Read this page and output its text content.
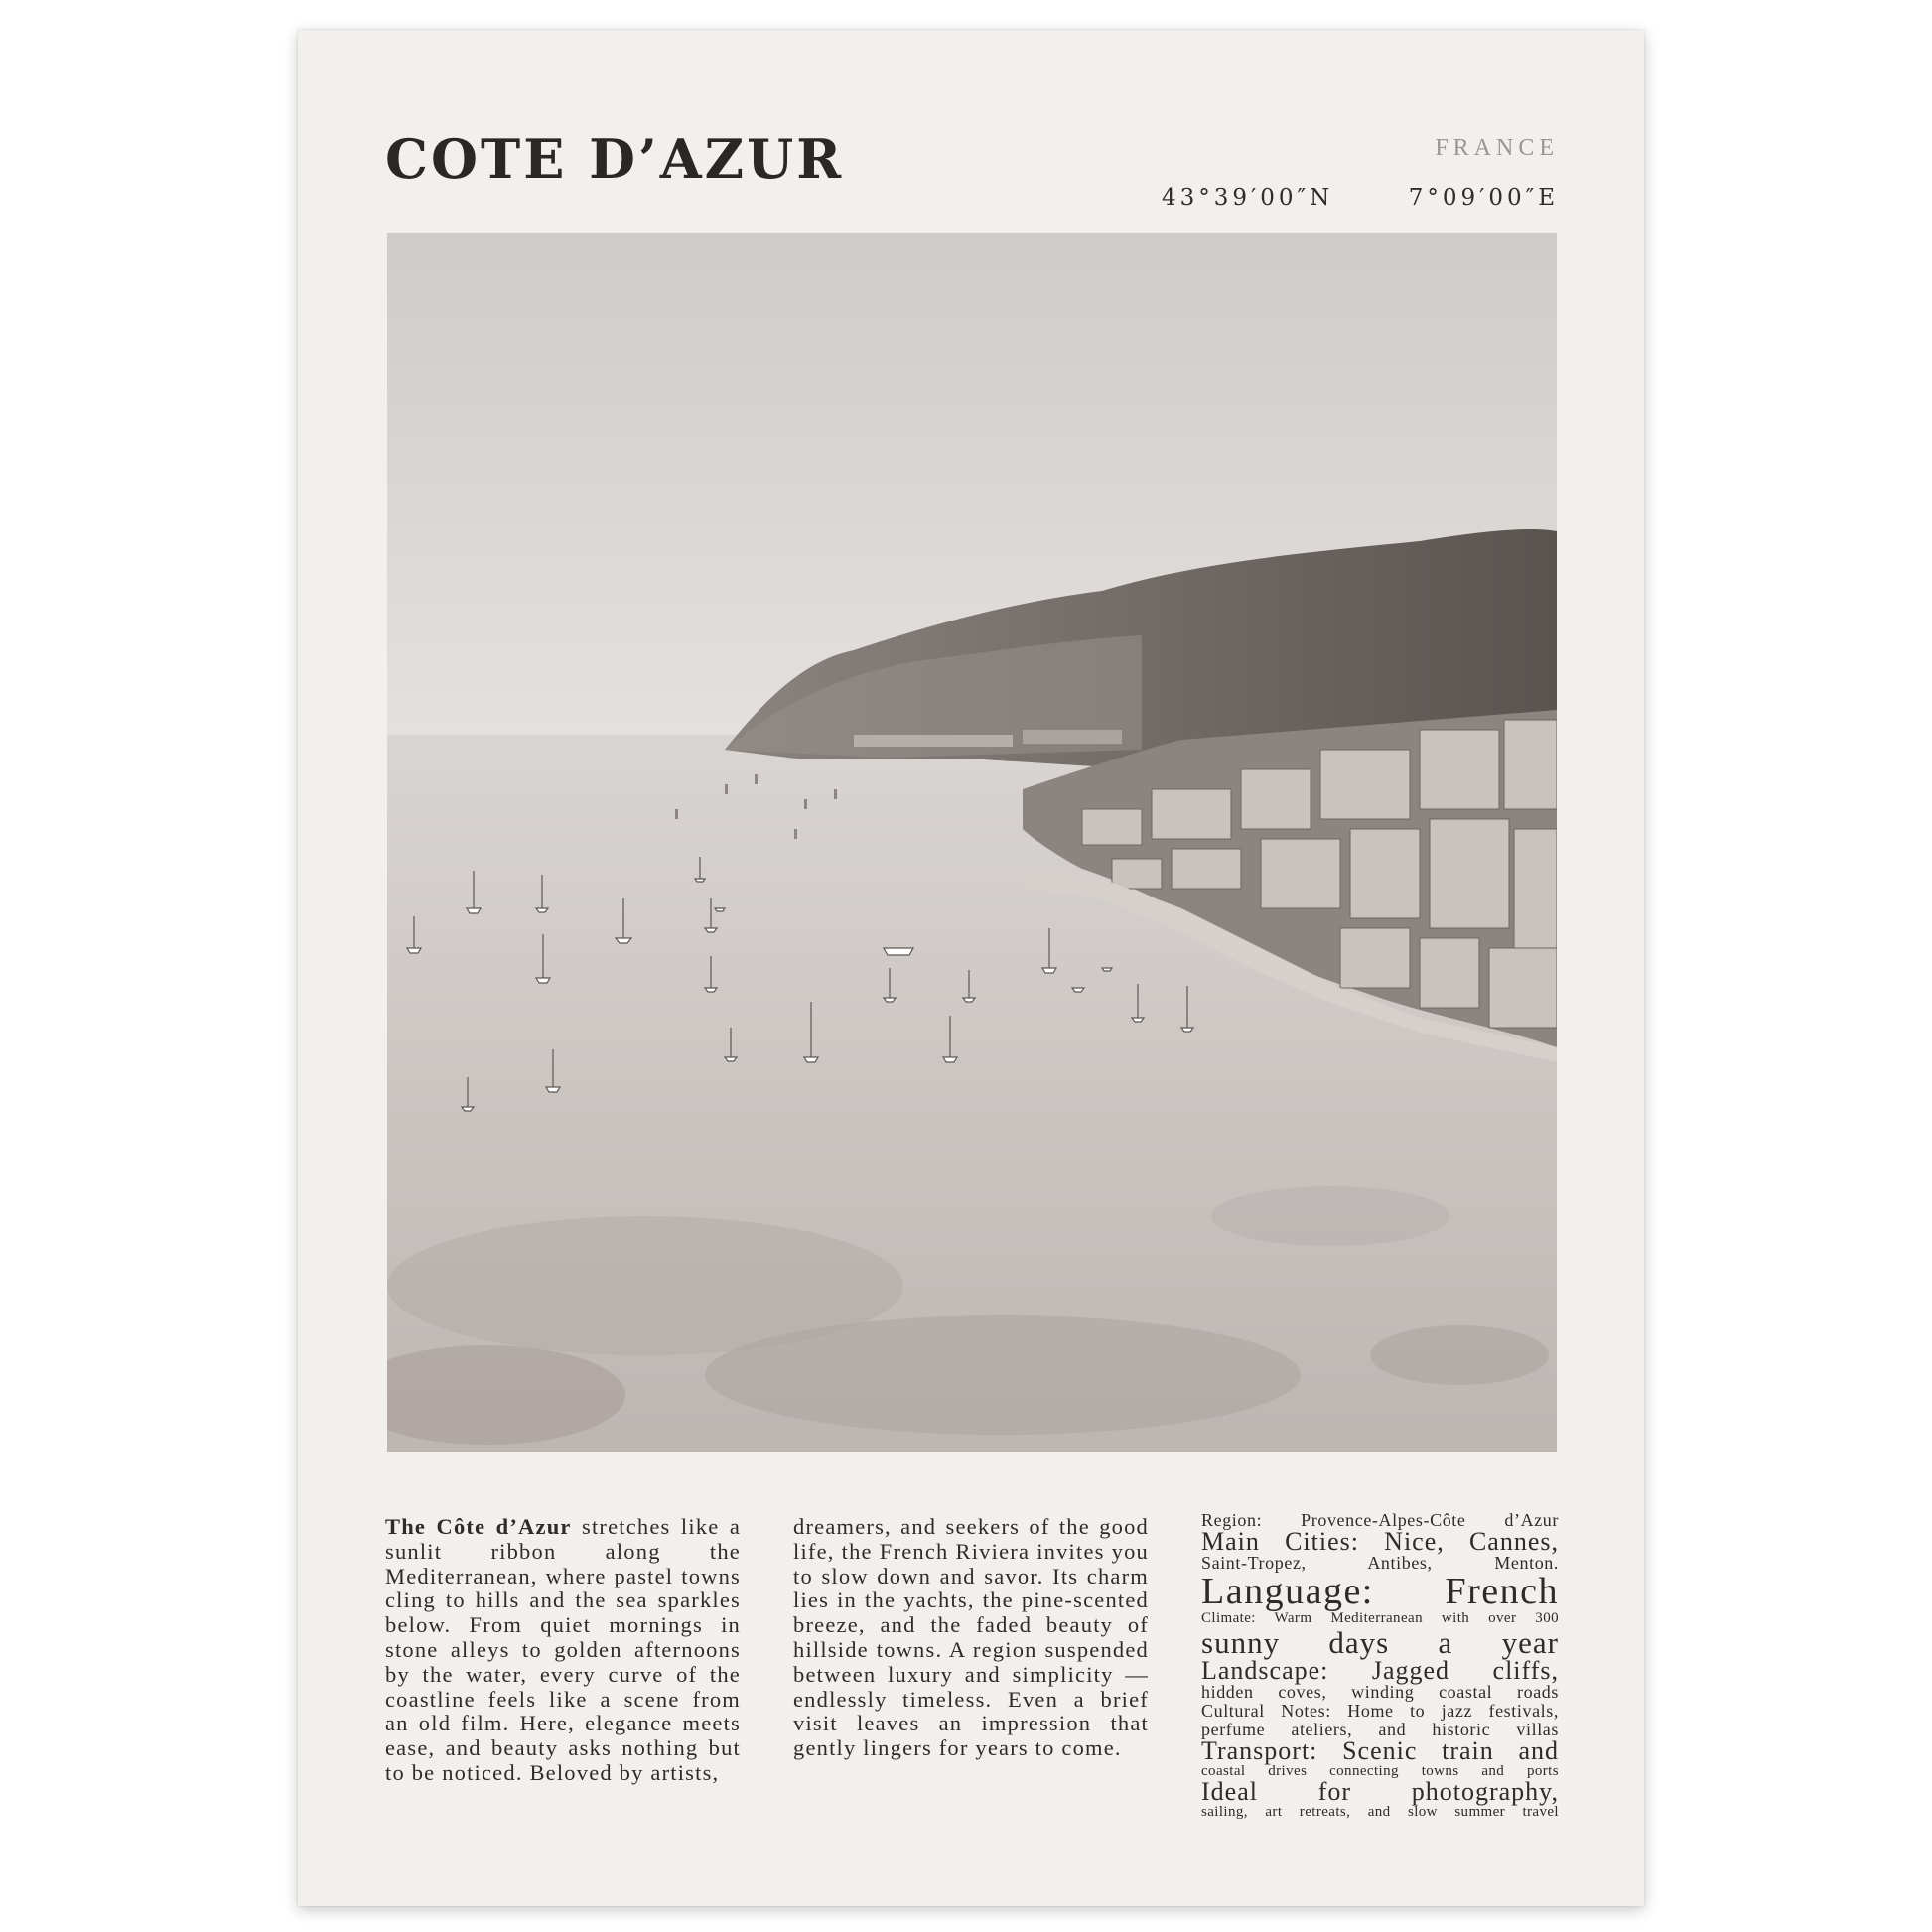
COTE D’AZUR	FRANCE
43°39′00″N	7°09′00″E
The Côte d’Azur stretches like a sunlit ribbon along the Mediterranean, where pastel towns cling to hills and the sea sparkles below. From quiet mornings in stone alleys to golden afternoons by the water, every curve of the coastline feels like a scene from an old film. Here, elegance meets ease, and beauty asks nothing but to be noticed. Beloved by artists,
dreamers, and seekers of the good life, the French Riviera invites you to slow down and savor. Its charm lies in the yachts, the pine-scented breeze, and the faded beauty of hillside towns. A region suspended between luxury and simplicity — endlessly timeless. Even a brief visit leaves an impression that gently lingers for years to come.
Region: Provence-Alpes-Côte d’Azur
Main Cities: Nice, Cannes,
Saint-Tropez, Antibes, Menton.
Language: French
Climate: Warm Mediterranean with over 300
sunny days a year
Landscape: Jagged cliffs,
hidden coves, winding coastal roads
Cultural Notes: Home to jazz festivals,
perfume ateliers, and historic villas
Transport: Scenic train and
coastal drives connecting towns and ports
Ideal for photography,
sailing, art retreats, and slow summer travel
